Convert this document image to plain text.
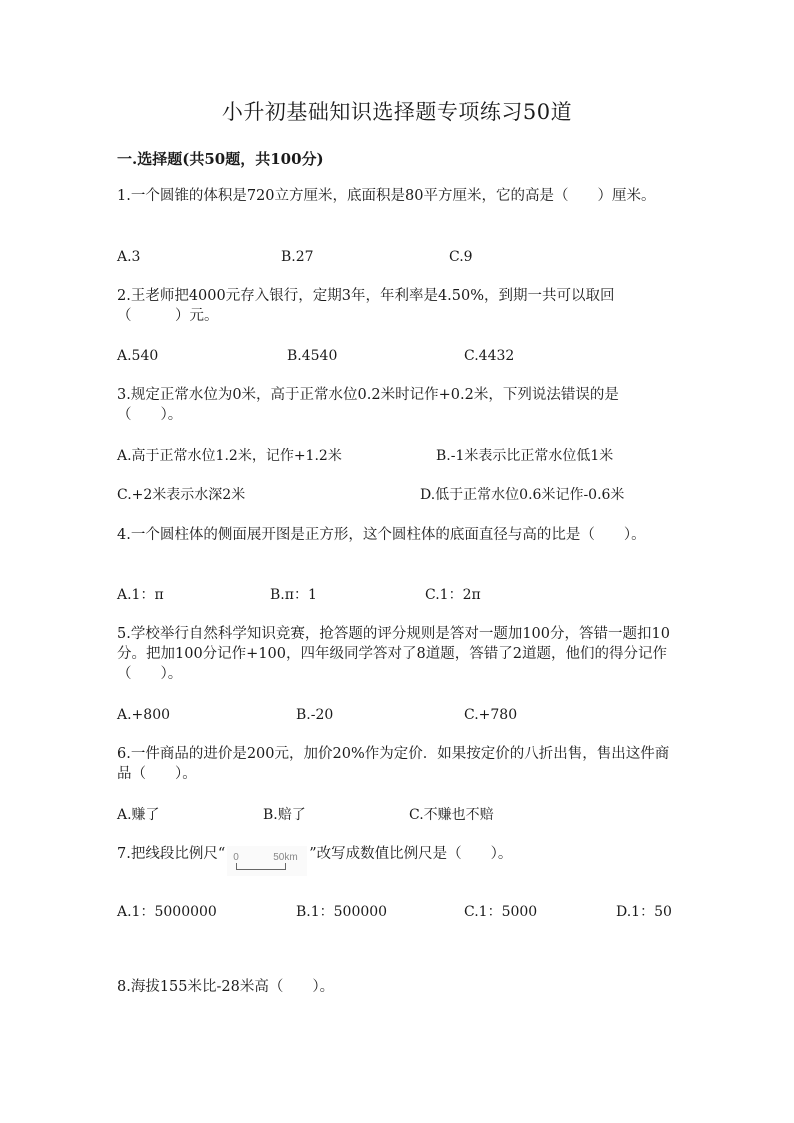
小升初基础知识选择题专项练习50道
一.选择题(共50题，共100分)
1.一个圆锥的体积是720立方厘米，底面积是80平方厘米，它的高是（　　）厘米。
A.3	B.27	C.9
2.王老师把4000元存入银行，定期3年，年利率是4.50%，到期一共可以取回（　　　）元。
A.540	B.4540	C.4432
3.规定正常水位为0米，高于正常水位0.2米时记作+0.2米，下列说法错误的是（　　）。
A.高于正常水位1.2米，记作+1.2米	B.-1米表示比正常水位低1米
C.+2米表示水深2米	D.低于正常水位0.6米记作-0.6米
4.一个圆柱体的侧面展开图是正方形，这个圆柱体的底面直径与高的比是（　　）。
A.1：π	B.π：1	C.1：2π
5.学校举行自然科学知识竞赛，抢答题的评分规则是答对一题加100分，答错一题扣10分。把加100分记作+100，四年级同学答对了8道题，答错了2道题，他们的得分记作（　　）。
A.+800	B.-20	C.+780
6.一件商品的进价是200元，加价20%作为定价．如果按定价的八折出售，售出这件商品（　　）。
A.赚了	B.赔了	C.不赚也不赔
7.把线段比例尺“ 0	50km ”改写成数值比例尺是（　　）。
A.1：5000000	B.1：500000	C.1：5000	D.1：50
8.海拔155米比-28米高（　　）。
